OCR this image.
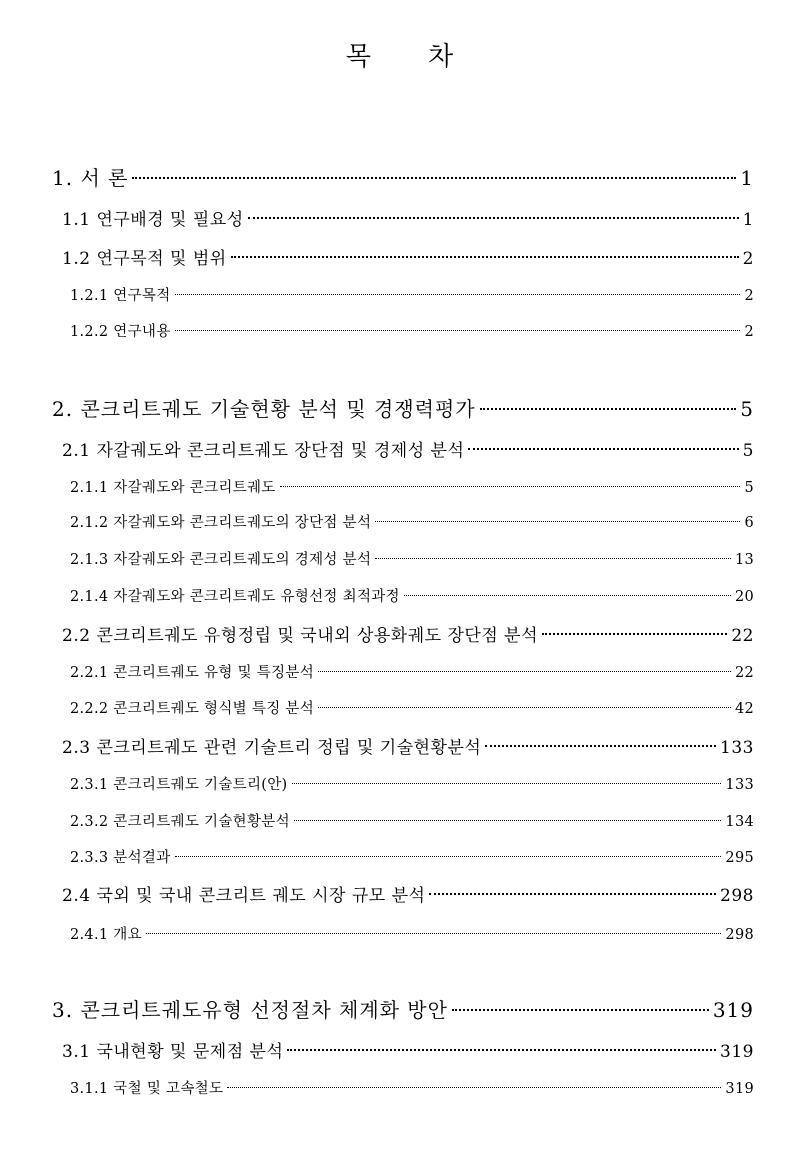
목 차
1. 서 론	1
1.1 연구배경 및 필요성	1
1.2 연구목적 및 범위	2
1.2.1 연구목적	2
1.2.2 연구내용	2
2. 콘크리트궤도 기술현황 분석 및 경쟁력평가	5
2.1 자갈궤도와 콘크리트궤도 장단점 및 경제성 분석	5
2.1.1 자갈궤도와 콘크리트궤도	5
2.1.2 자갈궤도와 콘크리트궤도의 장단점 분석	6
2.1.3 자갈궤도와 콘크리트궤도의 경제성 분석	13
2.1.4 자갈궤도와 콘크리트궤도 유형선정 최적과정	20
2.2 콘크리트궤도 유형정립 및 국내외 상용화궤도 장단점 분석	22
2.2.1 콘크리트궤도 유형 및 특징분석	22
2.2.2 콘크리트궤도 형식별 특징 분석	42
2.3 콘크리트궤도 관련 기술트리 정립 및 기술현황분석	133
2.3.1 콘크리트궤도 기술트리(안)	133
2.3.2 콘크리트궤도 기술현황분석	134
2.3.3 분석결과	295
2.4 국외 및 국내 콘크리트 궤도 시장 규모 분석	298
2.4.1 개요	298
3. 콘크리트궤도유형 선정절차 체계화 방안	319
3.1 국내현황 및 문제점 분석	319
3.1.1 국철 및 고속철도	319
